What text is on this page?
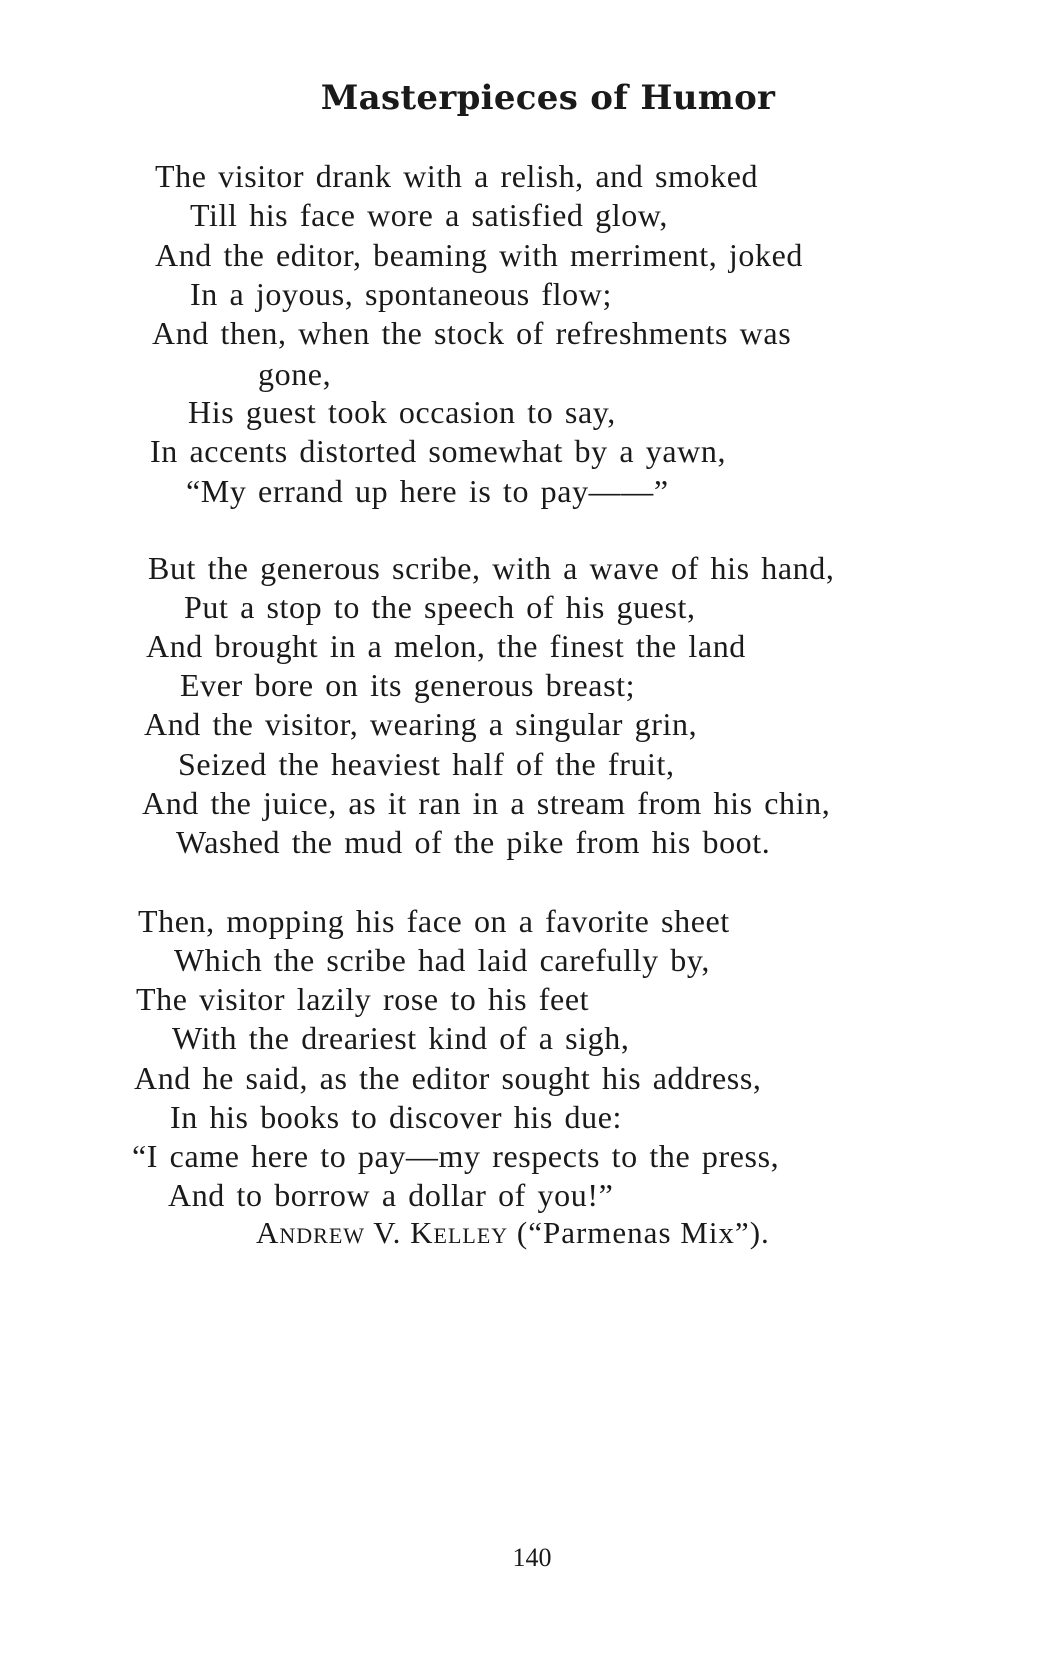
Masterpieces of Humor
The visitor drank with a relish, and smoked
Till his face wore a satisfied glow,
And the editor, beaming with merriment, joked
In a joyous, spontaneous flow;
And then, when the stock of refreshments was
gone,
His guest took occasion to say,
In accents distorted somewhat by a yawn,
“My errand up here is to pay——”
But the generous scribe, with a wave of his hand,
Put a stop to the speech of his guest,
And brought in a melon, the finest the land
Ever bore on its generous breast;
And the visitor, wearing a singular grin,
Seized the heaviest half of the fruit,
And the juice, as it ran in a stream from his chin,
Washed the mud of the pike from his boot.
Then, mopping his face on a favorite sheet
Which the scribe had laid carefully by,
The visitor lazily rose to his feet
With the dreariest kind of a sigh,
And he said, as the editor sought his address,
In his books to discover his due:
“I came here to pay—my respects to the press,
And to borrow a dollar of you!”
Andrew V. Kelley (“Parmenas Mix”).
140
